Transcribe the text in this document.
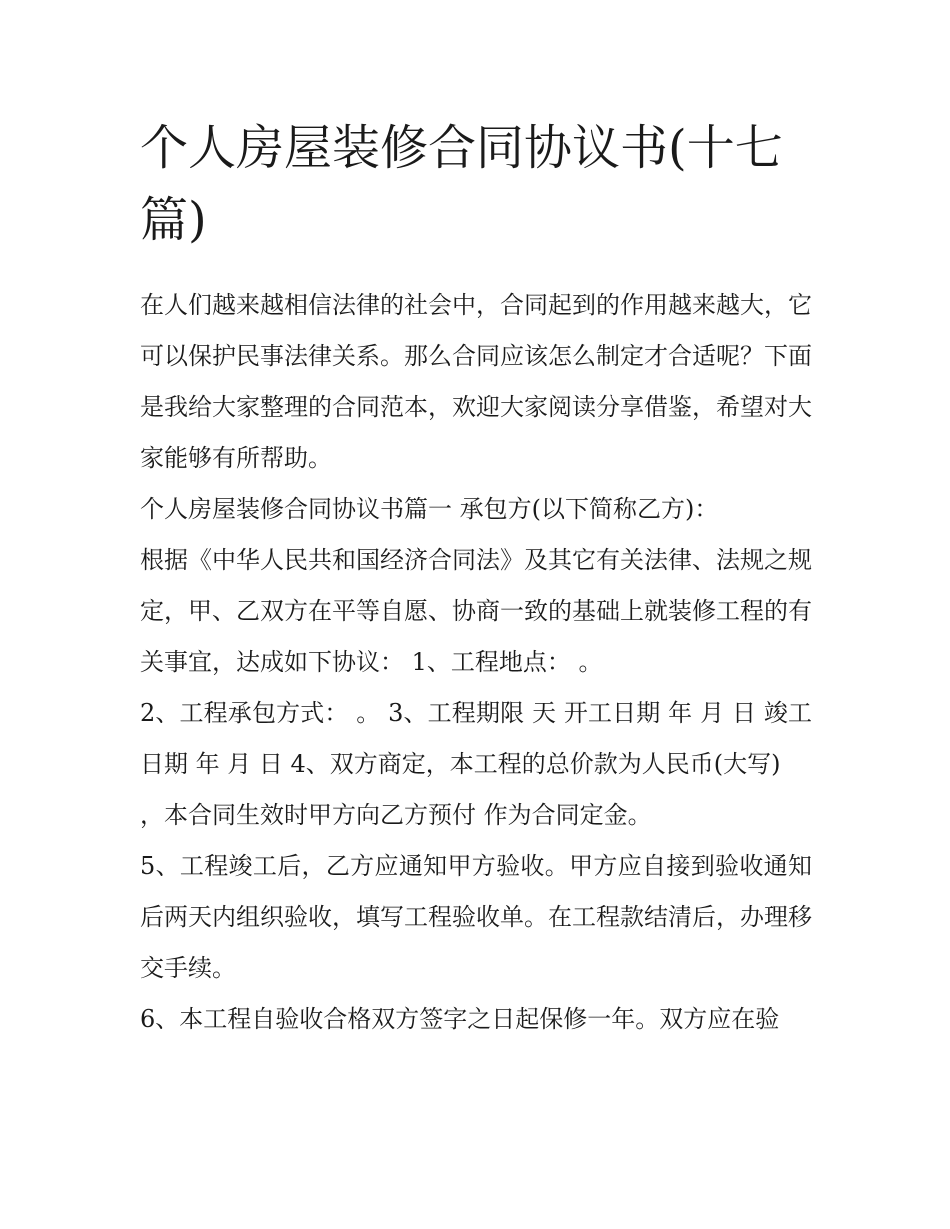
个人房屋装修合同协议书(十七篇)

在人们越来越相信法律的社会中，合同起到的作用越来越大，它可以保护民事法律关系。那么合同应该怎么制定才合适呢？下面是我给大家整理的合同范本，欢迎大家阅读分享借鉴，希望对大家能够有所帮助。

个人房屋装修合同协议书篇一 承包方(以下简称乙方)：

根据《中华人民共和国经济合同法》及其它有关法律、法规之规定，甲、乙双方在平等自愿、协商一致的基础上就装修工程的有关事宜，达成如下协议： 1、工程地点： 。

2、工程承包方式： 。 3、工程期限 天 开工日期 年 月 日 竣工日期 年 月 日 4、双方商定，本工程的总价款为人民币(大写)

，本合同生效时甲方向乙方预付 作为合同定金。

5、工程竣工后，乙方应通知甲方验收。甲方应自接到验收通知后两天内组织验收，填写工程验收单。在工程款结清后，办理移交手续。

6、本工程自验收合格双方签字之日起保修一年。双方应在验
